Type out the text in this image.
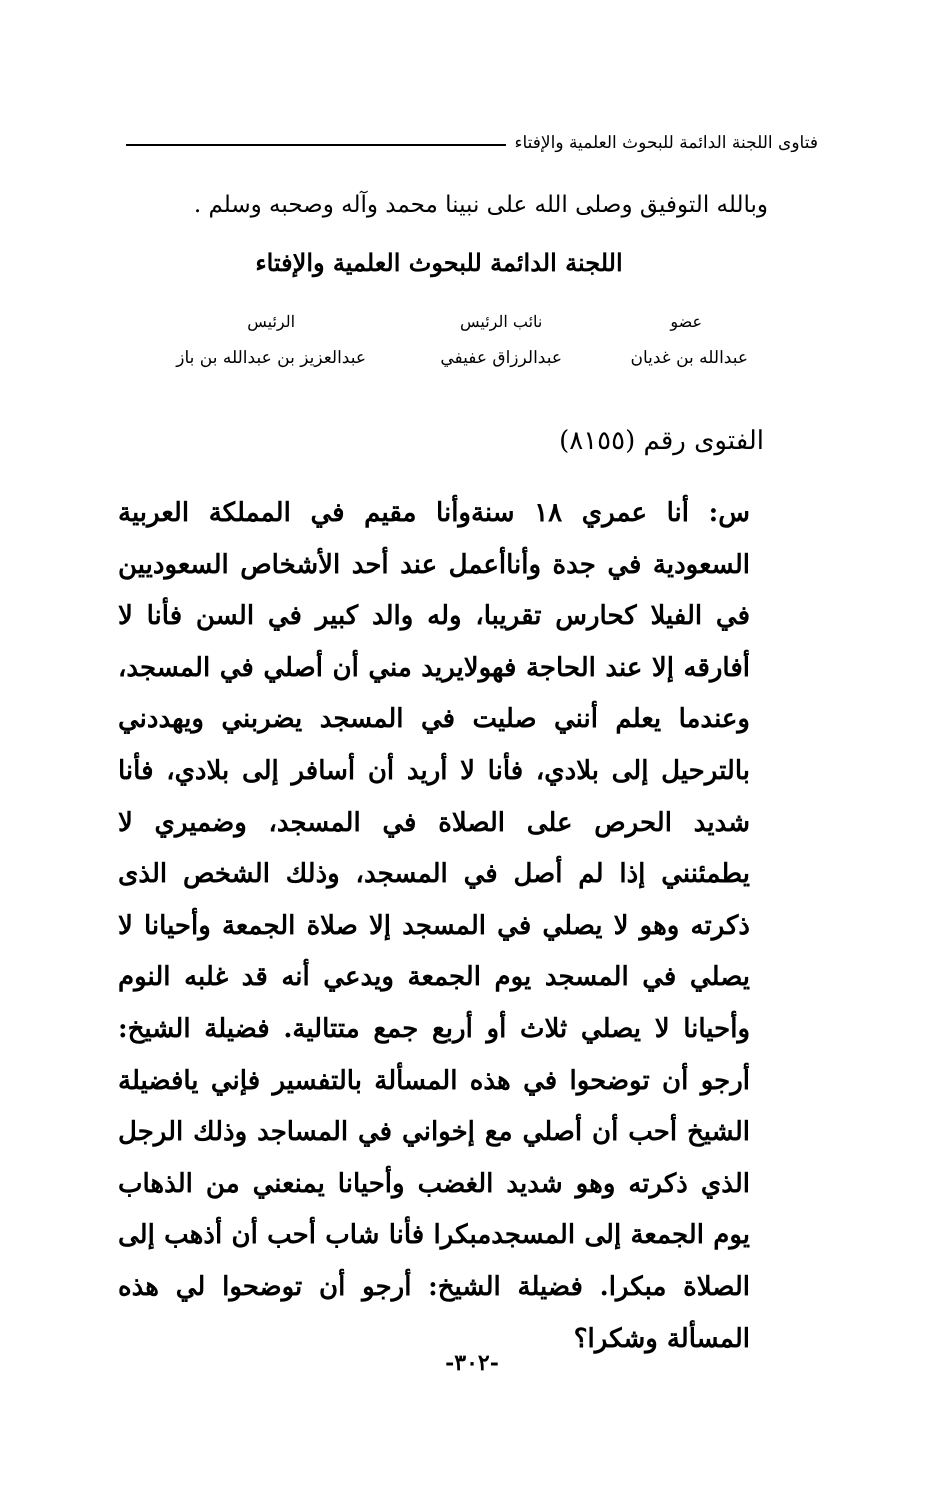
فتاوى اللجنة الدائمة للبحوث العلمية والإفتاء
وبالله التوفيق وصلى الله على نبينا محمد وآله وصحبه وسلم .
اللجنة الدائمة للبحوث العلمية والإفتاء
عضو
عبدالله بن غديان
نائب الرئيس
عبدالرزاق عفيفي
الرئيس
عبدالعزيز بن عبدالله بن باز
الفتوى رقم (٨١٥٥)
س: أنا عمري ١٨ سنةوأنا مقيم في المملكة العربية السعودية في جدة وأناأعمل عند أحد الأشخاص السعوديين في الفيلا كحارس تقريبا، وله والد كبير في السن فأنا لا أفارقه إلا عند الحاجة فهولايريد مني أن أصلي في المسجد، وعندما يعلم أنني صليت في المسجد يضربني ويهددني بالترحيل إلى بلادي، فأنا لا أريد أن أسافر إلى بلادي، فأنا شديد الحرص على الصلاة في المسجد، وضميري لا يطمئنني إذا لم أصل في المسجد، وذلك الشخص الذى ذكرته وهو لا يصلي في المسجد إلا صلاة الجمعة وأحيانا لا يصلي في المسجد يوم الجمعة ويدعي أنه قد غلبه النوم وأحيانا لا يصلي ثلاث أو أربع جمع متتالية. فضيلة الشيخ: أرجو أن توضحوا في هذه المسألة بالتفسير فإني يافضيلة الشيخ أحب أن أصلي مع إخواني في المساجد وذلك الرجل الذي ذكرته وهو شديد الغضب وأحيانا يمنعني من الذهاب يوم الجمعة إلى المسجدمبكرا فأنا شاب أحب أن أذهب إلى الصلاة مبكرا. فضيلة الشيخ: أرجو أن توضحوا لي هذه المسألة وشكرا؟
-٣٠٢-
